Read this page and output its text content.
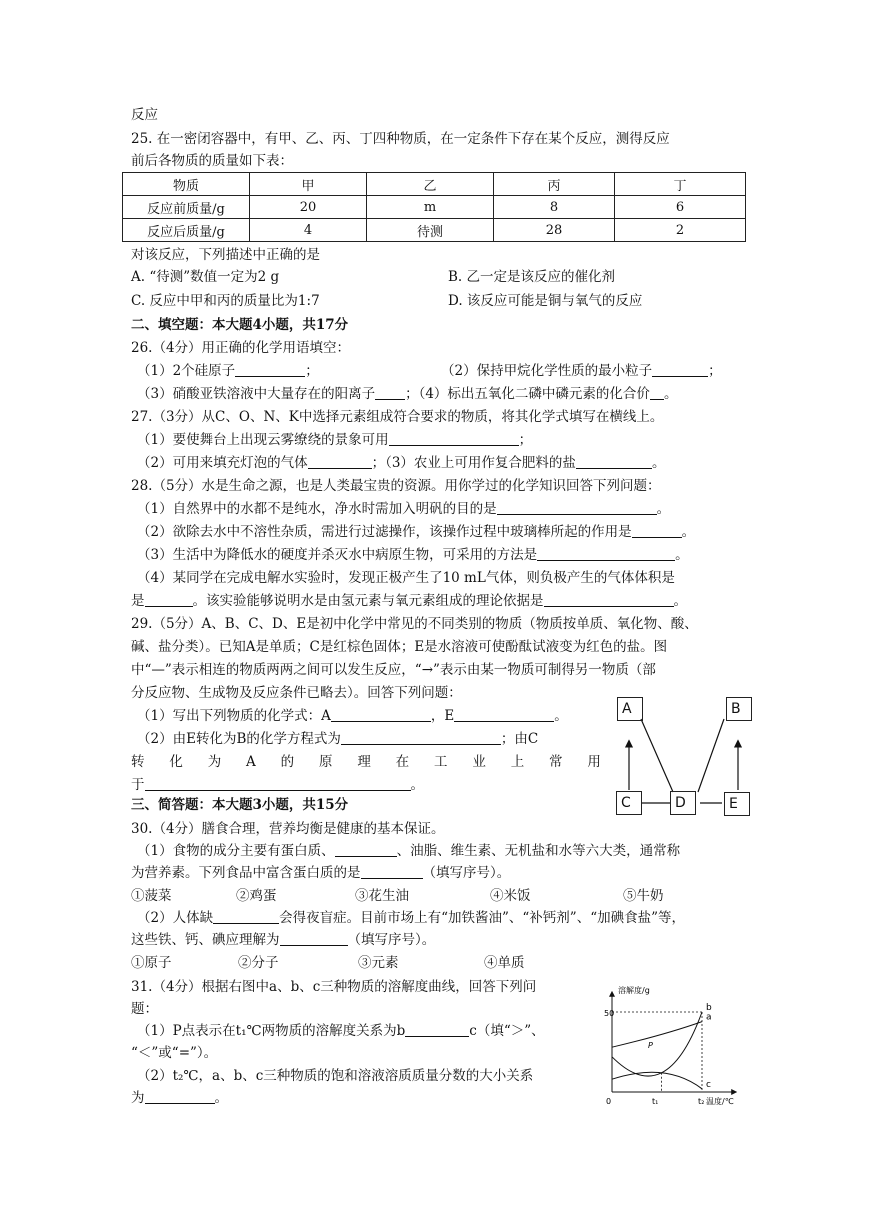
反应
25. 在一密闭容器中，有甲、乙、丙、丁四种物质，在一定条件下存在某个反应，测得反应
前后各物质的质量如下表：
物质	甲	乙	丙	丁
反应前质量/g	20	m	8	6
反应后质量/g	4	待测	28	2
对该反应，下列描述中正确的是
A. “待测”数值一定为2 g	B. 乙一定是该反应的催化剂
C. 反应中甲和丙的质量比为1:7	D. 该反应可能是铜与氧气的反应
二、填空题：本大题4小题，共17分
26.（4分）用正确的化学用语填空：
（1）2个硅原子	；	（2）保持甲烷化学性质的最小粒子	；
（3）硝酸亚铁溶液中大量存在的阳离子 ；（4）标出五氧化二磷中磷元素的化合价 。
27.（3分）从C、O、N、K中选择元素组成符合要求的物质，将其化学式填写在横线上。
（1）要使舞台上出现云雾缭绕的景象可用	；
（2）可用来填充灯泡的气体	；（3）农业上可用作复合肥料的盐	。
28.（5分）水是生命之源，也是人类最宝贵的资源。用你学过的化学知识回答下列问题：
（1）自然界中的水都不是纯水，净水时需加入明矾的目的是	。
（2）欲除去水中不溶性杂质，需进行过滤操作，该操作过程中玻璃棒所起的作用是	。
（3）生活中为降低水的硬度并杀灭水中病原生物，可采用的方法是	。
（4）某同学在完成电解水实验时，发现正极产生了10 mL气体，则负极产生的气体体积是
是	。该实验能够说明水是由氢元素与氧元素组成的理论依据是	。
29.（5分）A、B、C、D、E是初中化学中常见的不同类别的物质（物质按单质、氧化物、酸、
碱、盐分类）。已知A是单质；C是红棕色固体；E是水溶液可使酚酞试液变为红色的盐。图
中“—”表示相连的物质两两之间可以发生反应，“→”表示由某一物质可制得另一物质（部
分反应物、生成物及反应条件已略去）。回答下列问题：
（1）写出下列物质的化学式：A	，E	。
（2）由E转化为B的化学方程式为	；由C
转 化 为 A 的 原 理 在 工 业 上 常 用
于	。
A	B
C	D	E
三、简答题：本大题3小题，共15分
30.（4分）膳食合理，营养均衡是健康的基本保证。
（1）食物的成分主要有蛋白质、	、油脂、维生素、无机盐和水等六大类，通常称
为营养素。下列食品中富含蛋白质的是	（填写序号）。
①菠菜	②鸡蛋	③花生油	④米饭	⑤牛奶
（2）人体缺	会得夜盲症。目前市场上有“加铁酱油”、“补钙剂”、“加碘食盐”等，
这些铁、钙、碘应理解为	（填写序号）。
①原子	②分子	③元素	④单质
31.（4分）根据右图中a、b、c三种物质的溶解度曲线，回答下列问
题：
（1）P点表示在t₁℃两物质的溶解度关系为b	c（填“＞”、
“＜”或“=”）。
（2）t₂℃，a、b、c三种物质的饱和溶液溶质质量分数的大小关系
为	。
溶解度/g
温度/℃
50
0	t₁	t₂
b
a
c
P
